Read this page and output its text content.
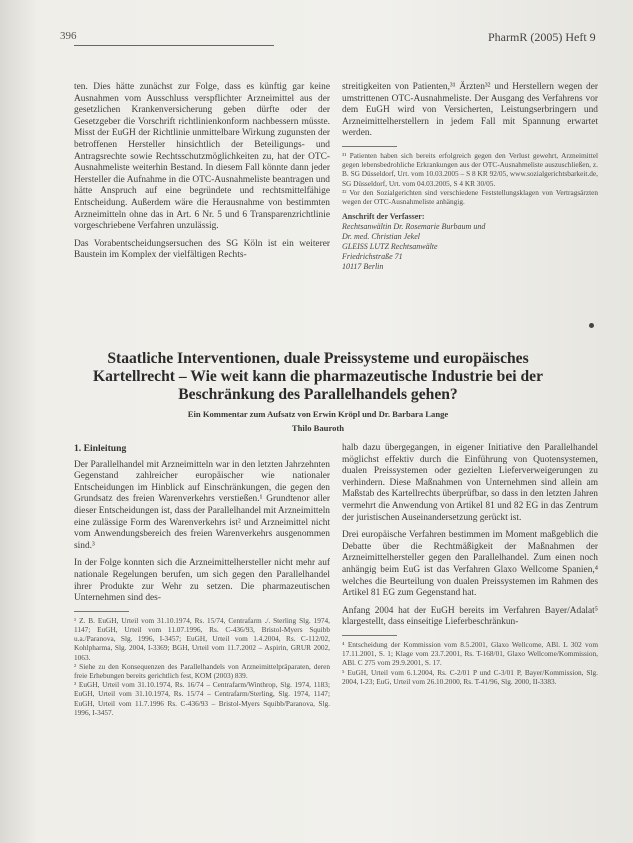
396	PharmR (2005) Heft 9

ten. Dies hätte zunächst zur Folge, dass es künftig gar keine Ausnahmen vom Ausschluss verspflichter Arzneimittel aus der gesetzlichen Krankenversicherung geben dürfte oder der Gesetzgeber die Vorschrift richtlinienkonform nachbessern müsste. Misst der EuGH der Richtlinie unmittelbare Wirkung zugunsten der betroffenen Hersteller hinsichtlich der Beteiligungs- und Antragsrechte sowie Rechtsschutzmöglichkeiten zu, hat der OTC-Ausnahmeliste weiterhin Bestand. In diesem Fall könnte dann jeder Hersteller die Aufnahme in die OTC-Ausnahmeliste beantragen und hätte Anspruch auf eine begründete und rechtsmittelfähige Entscheidung. Außerdem wäre die Herausnahme von bestimmten Arzneimitteln ohne das in Art. 6 Nr. 5 und 6 Transparenzrichtlinie vorgeschriebene Verfahren unzulässig.

Das Vorabentscheidungsersuchen des SG Köln ist ein weiterer Baustein im Komplex der vielfältigen Rechts-

streitigkeiten von Patienten,³¹ Ärzten³² und Herstellern wegen der umstrittenen OTC-Ausnahmeliste. Der Ausgang des Verfahrens vor dem EuGH wird von Versicherten, Leistungserbringern und Arzneimittelherstellern in jedem Fall mit Spannung erwartet werden.

³¹ Patienten haben sich bereits erfolgreich gegen den Verlust gewehrt, Arzneimittel gegen lebensbedrohliche Erkrankungen aus der OTC-Ausnahmeliste auszuschließen, z. B. SG Düsseldorf, Urt. vom 10.03.2005 – S 8 KR 92/05, www.sozialgerichtsbarkeit.de, SG Düsseldorf, Urt. vom 04.03.2005, S 4 KR 30/05.

³² Vor den Sozialgerichten sind verschiedene Feststellungsklagen von Vertragsärzten wegen der OTC-Ausnahmeliste anhängig.

Anschrift der Verfasser:
Rechtsanwältin Dr. Rosemarie Burbaum und
Dr. med. Christian Jekel
GLEISS LUTZ Rechtsanwälte
Friedrichstraße 71
10117 Berlin
Staatliche Interventionen, duale Preissysteme und europäisches Kartellrecht – Wie weit kann die pharmazeutische Industrie bei der Beschränkung des Parallelhandels gehen?
Ein Kommentar zum Aufsatz von Erwin Kröpl und Dr. Barbara Lange
Thilo Bauroth
1. Einleitung

Der Parallelhandel mit Arzneimitteln war in den letzten Jahrzehnten Gegenstand zahlreicher europäischer wie nationaler Entscheidungen im Hinblick auf Einschränkungen, die gegen den Grundsatz des freien Warenverkehrs verstießen.¹ Grundtenor aller dieser Entscheidungen ist, dass der Parallelhandel mit Arzneimitteln eine zulässige Form des Warenverkehrs ist² und Arzneimittel nicht vom Anwendungsbereich des freien Warenverkehrs ausgenommen sind.³

In der Folge konnten sich die Arzneimittelhersteller nicht mehr auf nationale Regelungen berufen, um sich gegen den Parallelhandel ihrer Produkte zur Wehr zu setzen. Die pharmazeutischen Unternehmen sind des-

¹ Z. B. EuGH, Urteil vom 31.10.1974, Rs. 15/74, Centrafarm ./. Sterling Slg. 1974, 1147; EuGH, Urteil vom 11.07.1996, Rs. C-436/93, Bristol-Myers Squibb u.a./Paranova, Slg. 1996, I-3457; EuGH, Urteil vom 1.4.2004, Rs. C-112/02, Kohlpharma, Slg. 2004, I-3369; BGH, Urteil vom 11.7.2002 – Aspirin, GRUR 2002, 1063.

² Siehe zu den Konsequenzen des Parallelhandels von Arzneimittelpräparaten, deren freie Erhebungen bereits gerichtlich fest, KOM (2003) 839.

³ EuGH, Urteil vom 31.10.1974, Rs. 16/74 – Centrafarm/Winthrop, Slg. 1974, 1183; EuGH, Urteil vom 31.10.1974, Rs. 15/74 – Centrafarm/Sterling, Slg. 1974, 1147; EuGH, Urteil vom 11.7.1996 Rs. C-436/93 – Bristol-Myers Squibb/Paranova, Slg. 1996, I-3457.

halb dazu übergegangen, in eigener Initiative den Parallelhandel möglichst effektiv durch die Einführung von Quotensystemen, dualen Preissystemen oder gezielten Lieferverweigerungen zu verhindern. Diese Maßnahmen von Unternehmen sind allein am Maßstab des Kartellrechts überprüfbar, so dass in den letzten Jahren vermehrt die Anwendung von Artikel 81 und 82 EG in das Zentrum der juristischen Auseinandersetzung gerückt ist.

Drei europäische Verfahren bestimmen im Moment maßgeblich die Debatte über die Rechtmäßigkeit der Maßnahmen der Arzneimittelhersteller gegen den Parallelhandel. Zum einen noch anhängig beim EuG ist das Verfahren Glaxo Wellcome Spanien,⁴ welches die Beurteilung von dualen Preissystemen im Rahmen des Artikel 81 EG zum Gegenstand hat.

Anfang 2004 hat der EuGH bereits im Verfahren Bayer/Adalat⁵ klargestellt, dass einseitige Lieferbeschränkun-

⁴ Entscheidung der Kommission vom 8.5.2001, Glaxo Wellcome, ABl. L 302 vom 17.11.2001, S. 1; Klage vom 23.7.2001, Rs. T-168/01, Glaxo Wellcome/Kommission, ABl. C 275 vom 29.9.2001, S. 17.

⁵ EuGH, Urteil vom 6.1.2004, Rs. C-2/01 P und C-3/01 P, Bayer/Kommission, Slg. 2004, I-23; EuG, Urteil vom 26.10.2000, Rs. T-41/96, Slg. 2000, II-3383.
